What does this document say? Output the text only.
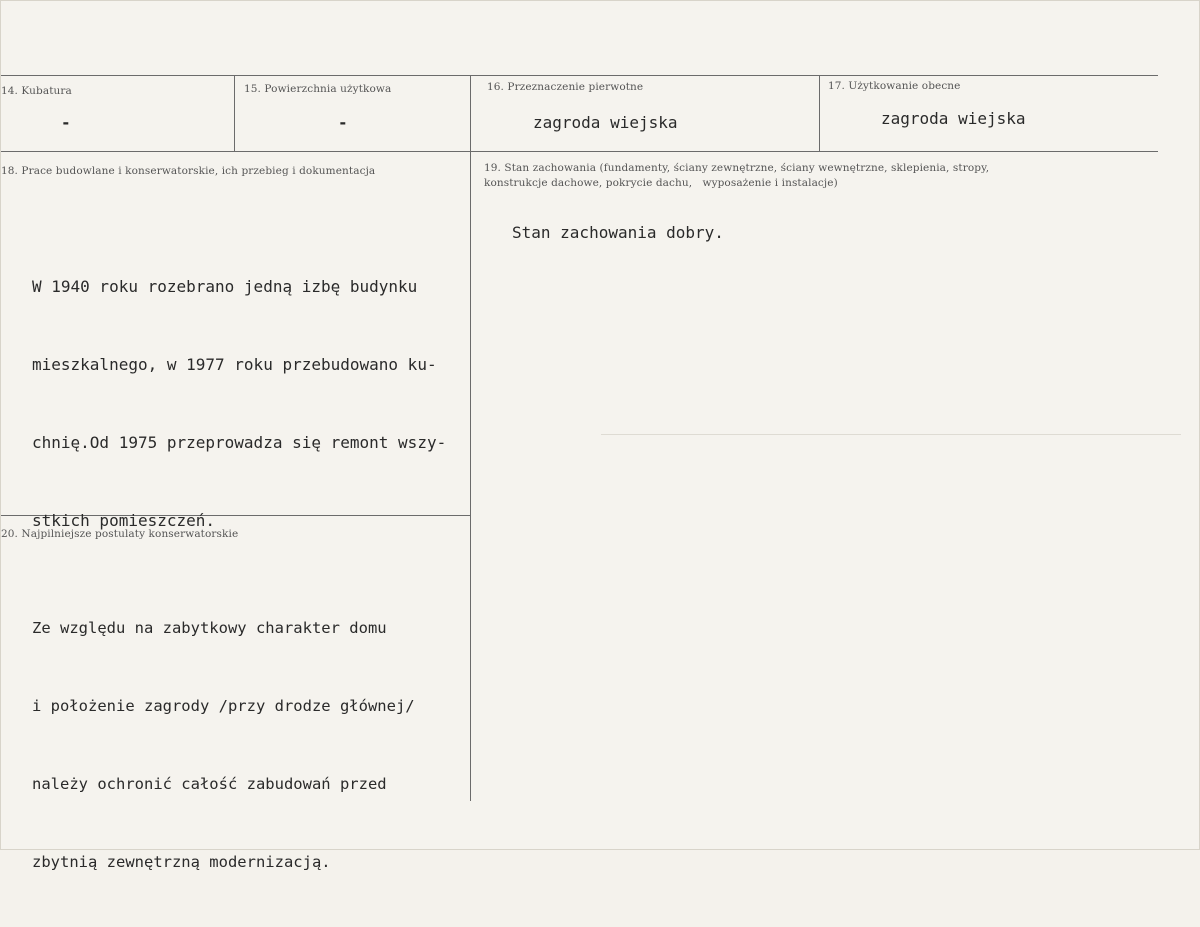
14. Kubatura
-
15. Powierzchnia użytkowa
-
16. Przeznaczenie pierwotne
zagroda wiejska
17. Użytkowanie obecne
zagroda wiejska
18. Prace budowlane i konserwatorskie, ich przebieg i dokumentacja

W 1940 roku rozebrano jedną izbę budynku

mieszkalnego, w 1977 roku przebudowano ku-

chnię.Od 1975 przeprowadza się remont wszy-

stkich pomieszczeń.

19. Stan zachowania (fundamenty, ściany zewnętrzne, ściany wewnętrzne, sklepienia, stropy,
konstrukcje dachowe, pokrycie dachu,   wyposażenie i instalacje)
Stan zachowania dobry.
20. Najpilniejsze postulaty konserwatorskie

Ze względu na zabytkowy charakter domu

i położenie zagrody /przy drodze głównej/

należy ochronić całość zabudowań przed

zbytnią zewnętrzną modernizacją.
